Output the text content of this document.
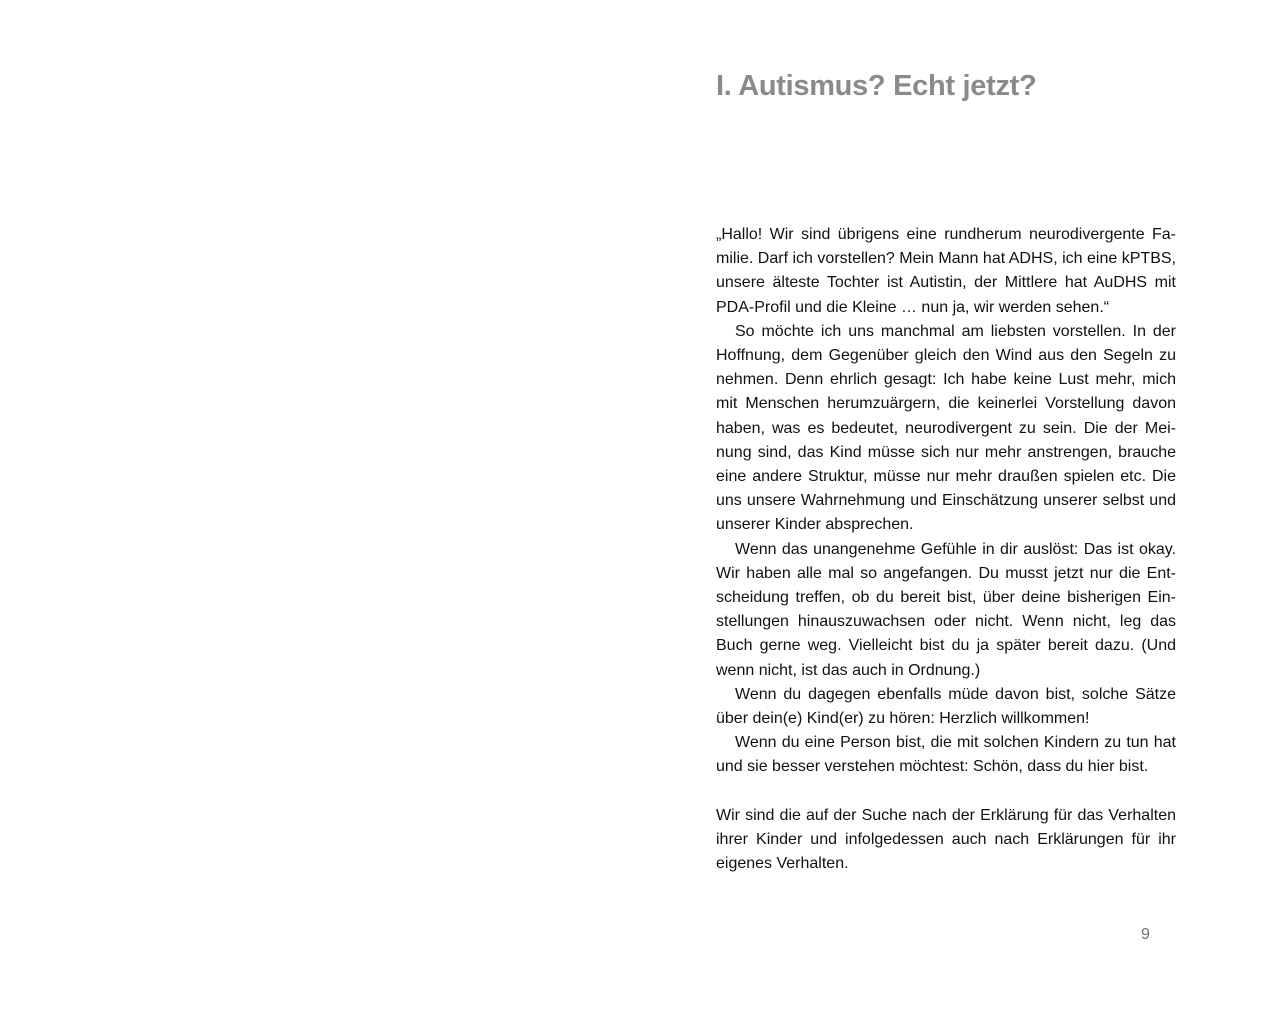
I. Autismus? Echt jetzt?

„Hallo! Wir sind übrigens eine rundherum neurodivergente Familie. Darf ich vorstellen? Mein Mann hat ADHS, ich eine kPTBS, unsere älteste Tochter ist Autistin, der Mittlere hat AuDHS mit PDA-Profil und die Kleine … nun ja, wir werden sehen.“

So möchte ich uns manchmal am liebsten vorstellen. In der Hoffnung, dem Gegenüber gleich den Wind aus den Segeln zu nehmen. Denn ehrlich gesagt: Ich habe keine Lust mehr, mich mit Menschen herumzuärgern, die keinerlei Vorstellung davon haben, was es bedeutet, neurodivergent zu sein. Die der Meinung sind, das Kind müsse sich nur mehr anstrengen, brauche eine andere Struktur, müsse nur mehr draußen spielen etc. Die uns unsere Wahrnehmung und Einschätzung unserer selbst und unserer Kinder absprechen.

Wenn das unangenehme Gefühle in dir auslöst: Das ist okay. Wir haben alle mal so angefangen. Du musst jetzt nur die Entscheidung treffen, ob du bereit bist, über deine bisherigen Einstellungen hinauszuwachsen oder nicht. Wenn nicht, leg das Buch gerne weg. Vielleicht bist du ja später bereit dazu. (Und wenn nicht, ist das auch in Ordnung.)

Wenn du dagegen ebenfalls müde davon bist, solche Sätze über dein(e) Kind(er) zu hören: Herzlich willkommen!

Wenn du eine Person bist, die mit solchen Kindern zu tun hat und sie besser verstehen möchtest: Schön, dass du hier bist.

Wir sind die auf der Suche nach der Erklärung für das Verhalten ihrer Kinder und infolgedessen auch nach Erklärungen für ihr eigenes Verhalten.

9
